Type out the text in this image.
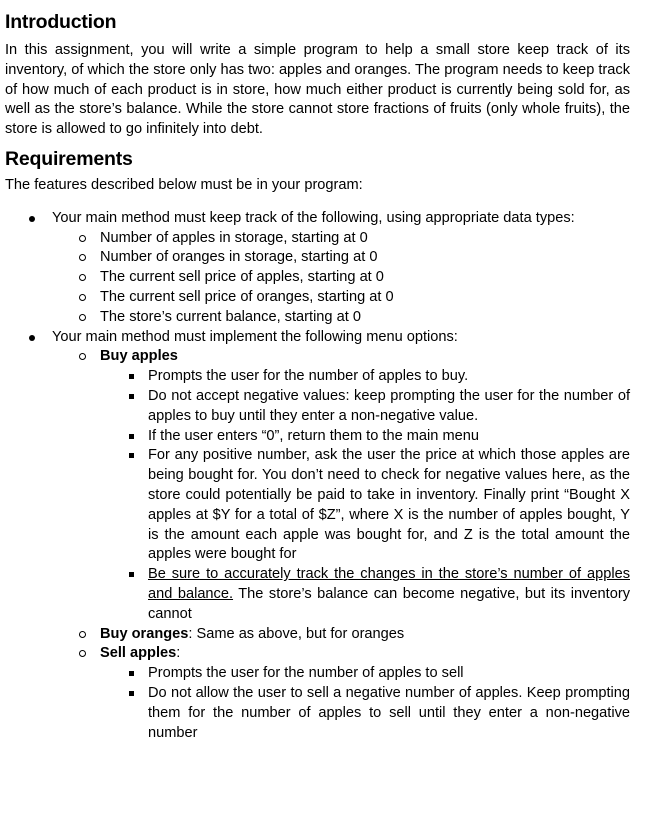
Introduction

In this assignment, you will write a simple program to help a small store keep track of its inventory, of which the store only has two: apples and oranges. The program needs to keep track of how much of each product is in store, how much either product is currently being sold for, as well as the store’s balance. While the store cannot store fractions of fruits (only whole fruits), the store is allowed to go infinitely into debt.

Requirements

The features described below must be in your program:

Your main method must keep track of the following, using appropriate data types:
Number of apples in storage, starting at 0
Number of oranges in storage, starting at 0
The current sell price of apples, starting at 0
The current sell price of oranges, starting at 0
The store’s current balance, starting at 0
Your main method must implement the following menu options:
Buy apples
Prompts the user for the number of apples to buy.
Do not accept negative values: keep prompting the user for the number of apples to buy until they enter a non-negative value.
If the user enters “0”, return them to the main menu
For any positive number, ask the user the price at which those apples are being bought for. You don’t need to check for negative values here, as the store could potentially be paid to take in inventory. Finally print “Bought X apples at $Y for a total of $Z”, where X is the number of apples bought, Y is the amount each apple was bought for, and Z is the total amount the apples were bought for
Be sure to accurately track the changes in the store’s number of apples and balance. The store’s balance can become negative, but its inventory cannot
Buy oranges: Same as above, but for oranges
Sell apples:
Prompts the user for the number of apples to sell
Do not allow the user to sell a negative number of apples. Keep prompting them for the number of apples to sell until they enter a non-negative number
